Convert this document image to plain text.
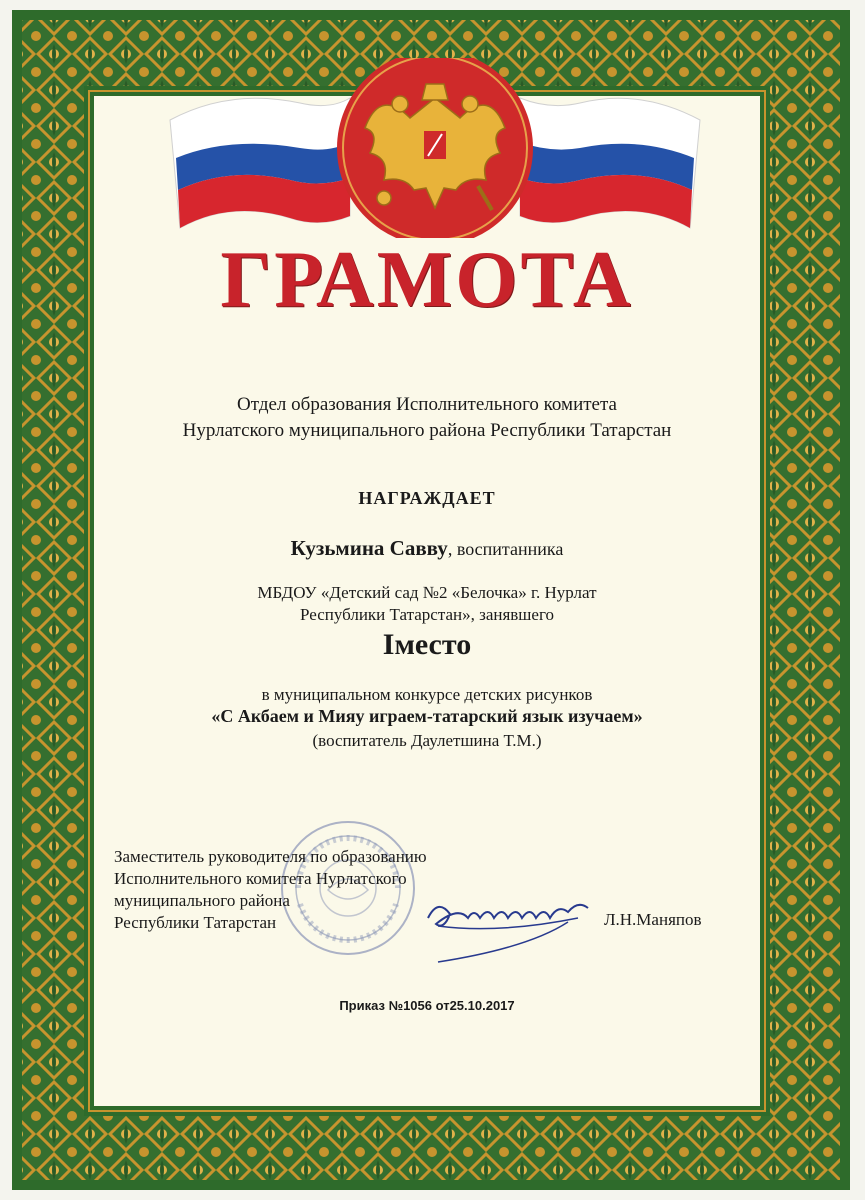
ГРАМОТА
Отдел образования Исполнительного комитета
Нурлатского муниципального района Республики Татарстан
НАГРАЖДАЕТ
Кузьмина Савву, воспитанника
МБДОУ «Детский сад №2 «Белочка» г. Нурлат
Республики Татарстан», занявшего
Iместо
в муниципальном конкурсе детских рисунков
«С Акбаем и Мияу играем-татарский язык изучаем»
(воспитатель Даулетшина Т.М.)
Заместитель руководителя по образованию
Исполнительного комитета Нурлатского
муниципального района
Республики Татарстан	Л.Н.Маняпов
Приказ №1056 от25.10.2017
